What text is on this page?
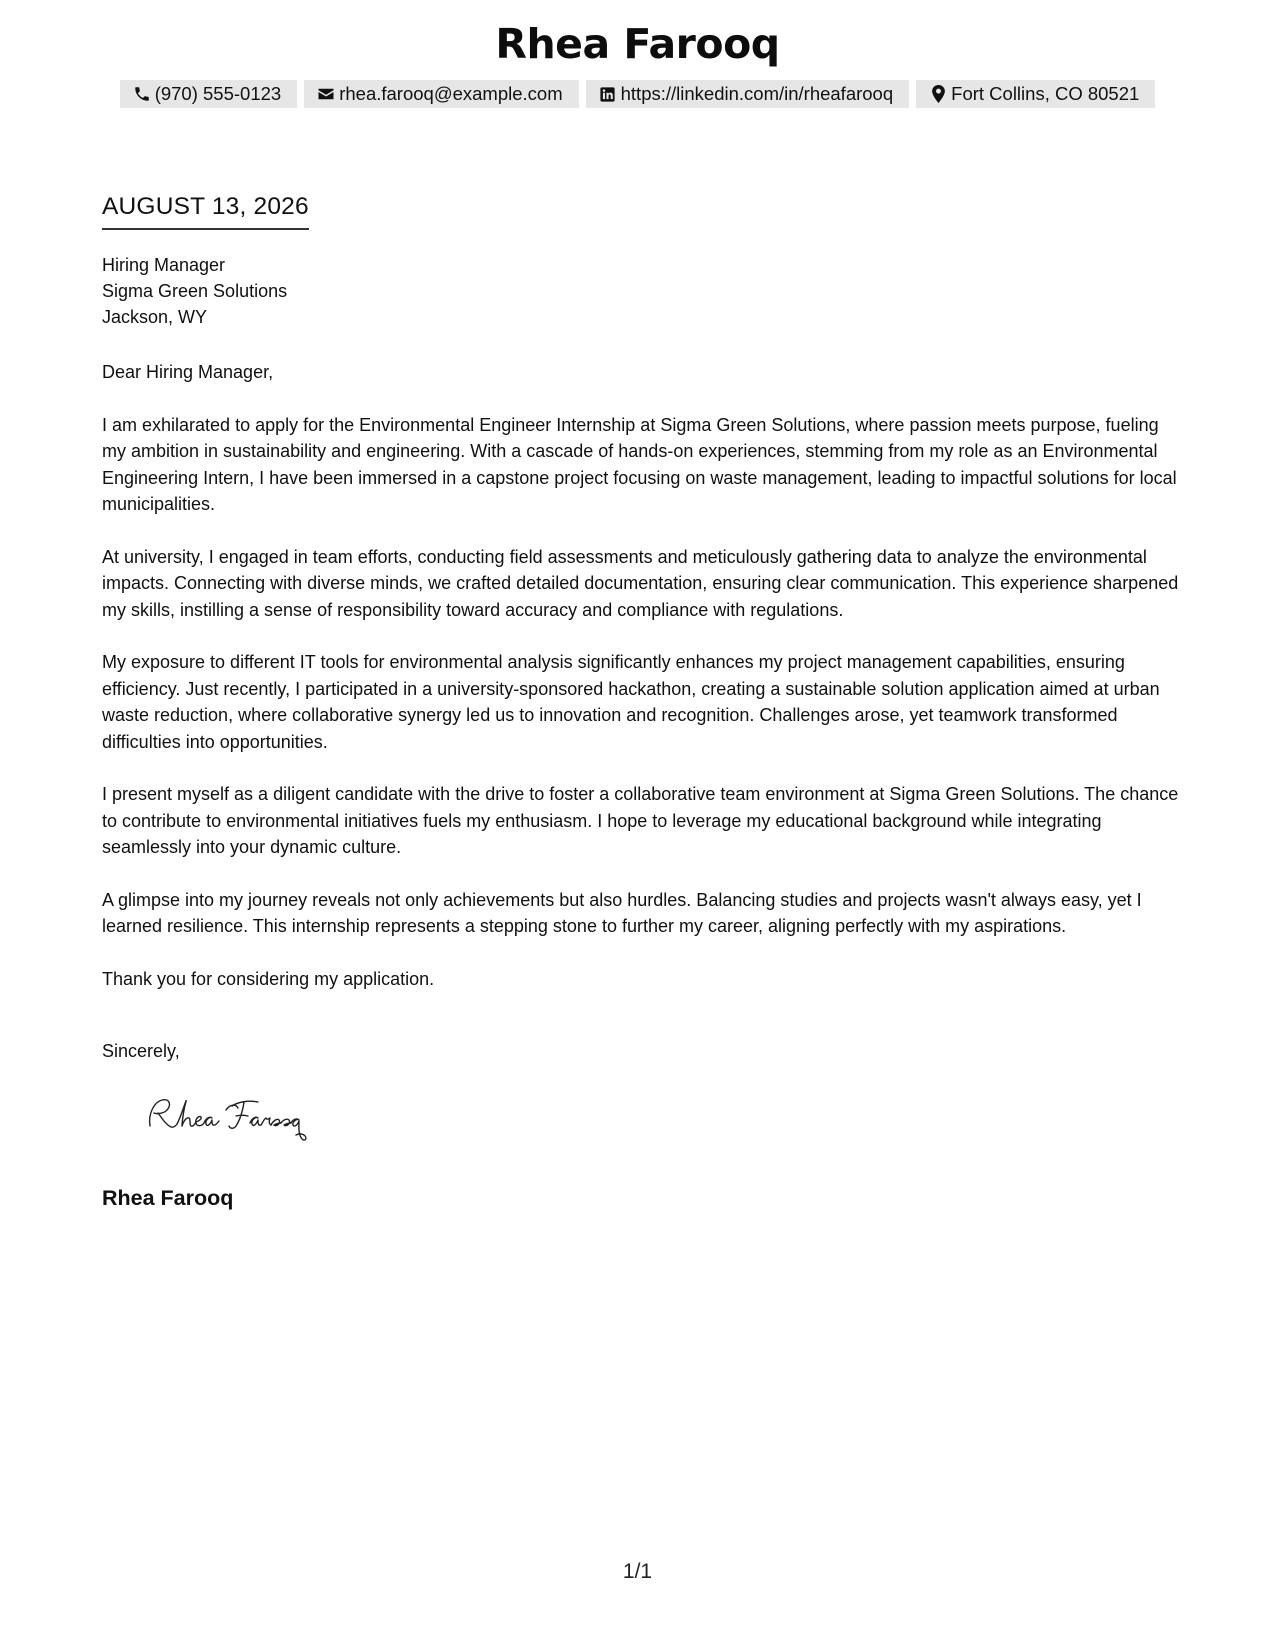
Rhea Farooq
(970) 555-0123	rhea.farooq@example.com	https://linkedin.com/in/rheafarooq	Fort Collins, CO 80521
AUGUST 13, 2026
Hiring Manager
Sigma Green Solutions
Jackson, WY

Dear Hiring Manager,

I am exhilarated to apply for the Environmental Engineer Internship at Sigma Green Solutions, where passion meets purpose, fueling my ambition in sustainability and engineering. With a cascade of hands-on experiences, stemming from my role as an Environmental Engineering Intern, I have been immersed in a capstone project focusing on waste management, leading to impactful solutions for local municipalities.

At university, I engaged in team efforts, conducting field assessments and meticulously gathering data to analyze the environmental impacts. Connecting with diverse minds, we crafted detailed documentation, ensuring clear communication. This experience sharpened my skills, instilling a sense of responsibility toward accuracy and compliance with regulations.

My exposure to different IT tools for environmental analysis significantly enhances my project management capabilities, ensuring efficiency. Just recently, I participated in a university-sponsored hackathon, creating a sustainable solution application aimed at urban waste reduction, where collaborative synergy led us to innovation and recognition. Challenges arose, yet teamwork transformed difficulties into opportunities.

I present myself as a diligent candidate with the drive to foster a collaborative team environment at Sigma Green Solutions. The chance to contribute to environmental initiatives fuels my enthusiasm. I hope to leverage my educational background while integrating seamlessly into your dynamic culture.

A glimpse into my journey reveals not only achievements but also hurdles. Balancing studies and projects wasn't always easy, yet I learned resilience. This internship represents a stepping stone to further my career, aligning perfectly with my aspirations.

Thank you for considering my application.

Sincerely,
Rhea Farooq
1/1
